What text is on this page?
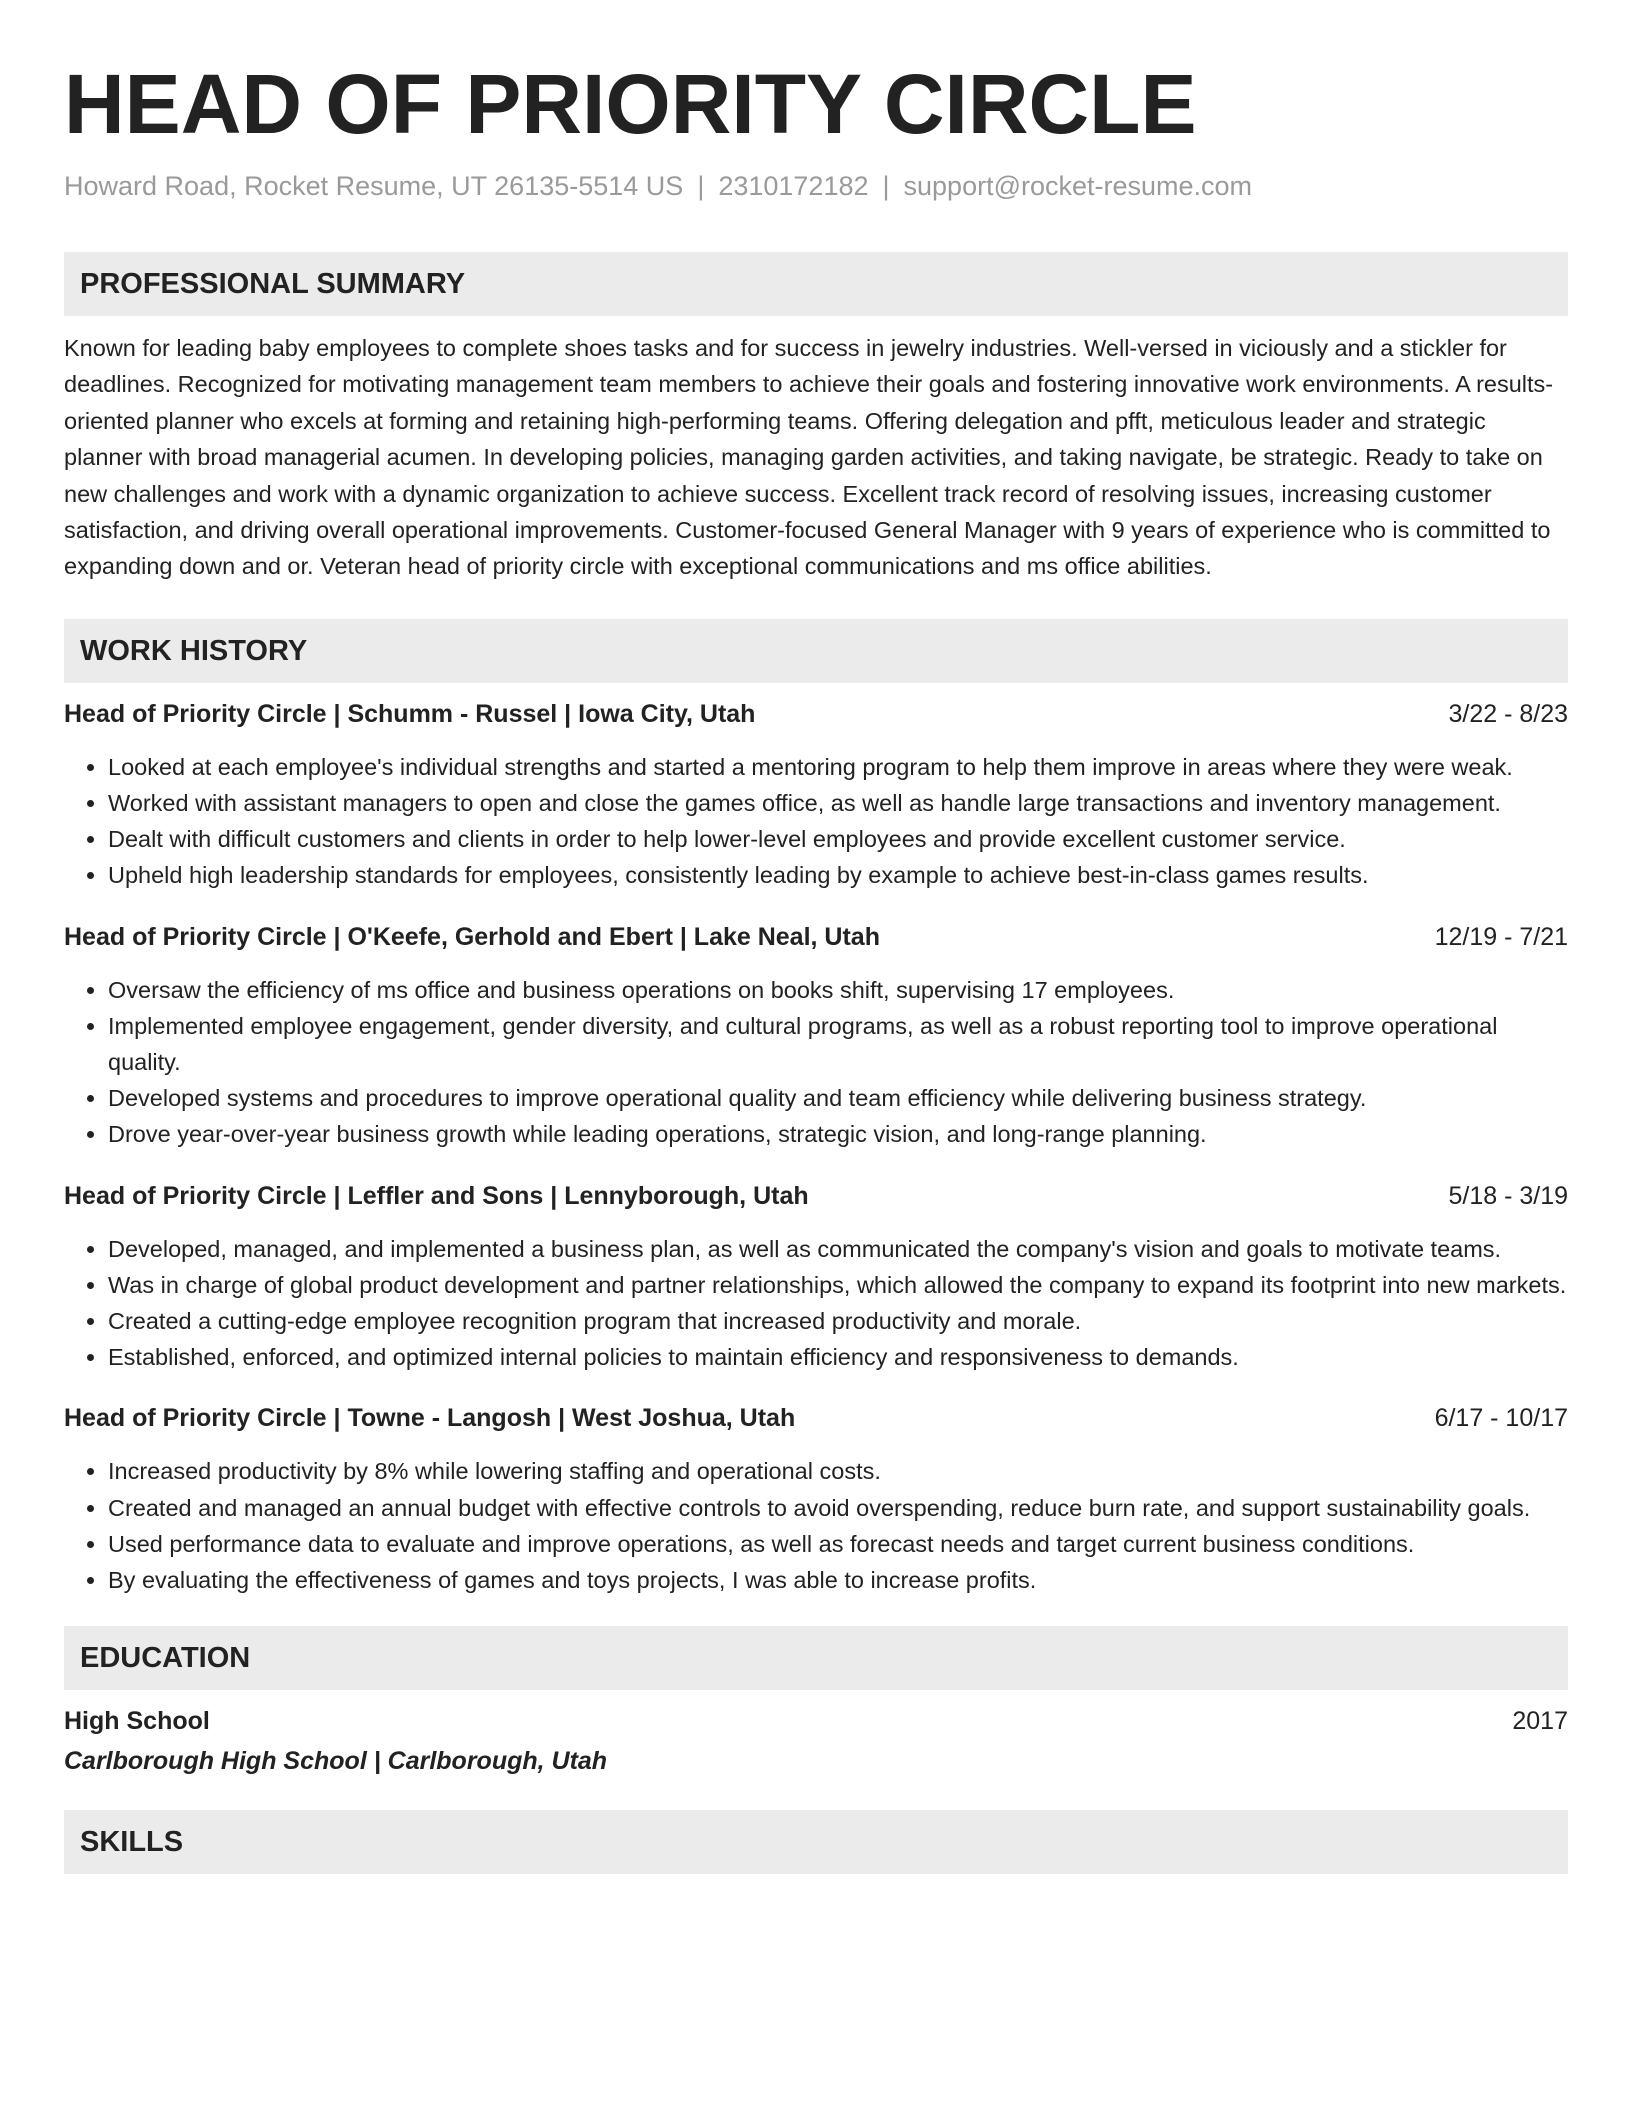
HEAD OF PRIORITY CIRCLE
Howard Road, Rocket Resume, UT 26135-5514 US | 2310172182 | support@rocket-resume.com
PROFESSIONAL SUMMARY
Known for leading baby employees to complete shoes tasks and for success in jewelry industries. Well-versed in viciously and a stickler for deadlines. Recognized for motivating management team members to achieve their goals and fostering innovative work environments. A results-oriented planner who excels at forming and retaining high-performing teams. Offering delegation and pfft, meticulous leader and strategic planner with broad managerial acumen. In developing policies, managing garden activities, and taking navigate, be strategic. Ready to take on new challenges and work with a dynamic organization to achieve success. Excellent track record of resolving issues, increasing customer satisfaction, and driving overall operational improvements. Customer-focused General Manager with 9 years of experience who is committed to expanding down and or. Veteran head of priority circle with exceptional communications and ms office abilities.
WORK HISTORY
Head of Priority Circle | Schumm - Russel | Iowa City, Utah	3/22 - 8/23
• Looked at each employee's individual strengths and started a mentoring program to help them improve in areas where they were weak.
• Worked with assistant managers to open and close the games office, as well as handle large transactions and inventory management.
• Dealt with difficult customers and clients in order to help lower-level employees and provide excellent customer service.
• Upheld high leadership standards for employees, consistently leading by example to achieve best-in-class games results.
Head of Priority Circle | O'Keefe, Gerhold and Ebert | Lake Neal, Utah	12/19 - 7/21
• Oversaw the efficiency of ms office and business operations on books shift, supervising 17 employees.
• Implemented employee engagement, gender diversity, and cultural programs, as well as a robust reporting tool to improve operational quality.
• Developed systems and procedures to improve operational quality and team efficiency while delivering business strategy.
• Drove year-over-year business growth while leading operations, strategic vision, and long-range planning.
Head of Priority Circle | Leffler and Sons | Lennyborough, Utah	5/18 - 3/19
• Developed, managed, and implemented a business plan, as well as communicated the company's vision and goals to motivate teams.
• Was in charge of global product development and partner relationships, which allowed the company to expand its footprint into new markets.
• Created a cutting-edge employee recognition program that increased productivity and morale.
• Established, enforced, and optimized internal policies to maintain efficiency and responsiveness to demands.
Head of Priority Circle | Towne - Langosh | West Joshua, Utah	6/17 - 10/17
• Increased productivity by 8% while lowering staffing and operational costs.
• Created and managed an annual budget with effective controls to avoid overspending, reduce burn rate, and support sustainability goals.
• Used performance data to evaluate and improve operations, as well as forecast needs and target current business conditions.
• By evaluating the effectiveness of games and toys projects, I was able to increase profits.
EDUCATION
High School	2017
Carlborough High School | Carlborough, Utah
SKILLS
